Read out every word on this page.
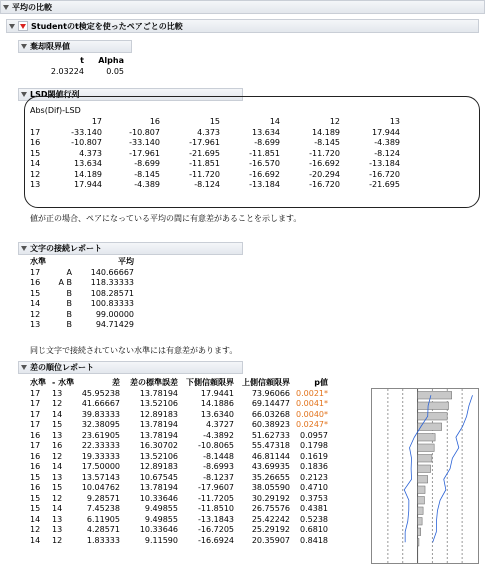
平均の比較
Studentのt検定を使ったペアごとの比較
棄却限界値
t	Alpha
2.03224	0.05
LSD閾値行列
Abs(Dif)-LSD
	17	16	15	14	12	13
17	-33.140	-10.807	4.373	13.634	14.189	17.944
16	-10.807	-33.140	-17.961	-8.699	-8.145	-4.389
15	4.373	-17.961	-21.695	-11.851	-11.720	-8.124
14	13.634	-8.699	-11.851	-16.570	-16.692	-13.184
12	14.189	-8.145	-11.720	-16.692	-20.294	-16.720
13	17.944	-4.389	-8.124	-13.184	-16.720	-21.695
値が正の場合、ペアになっている平均の間に有意差があることを示します。
文字の接続レポート
水準		平均
17	A	140.66667
16	A B	118.33333
15	B	108.28571
14	B	100.83333
12	B	99.00000
13	B	94.71429
同じ文字で接続されていない水準には有意差があります。
差の順位レポート
水準	- 水準	差	差の標準誤差	下側信頼限界	上側信頼限界	p値
17	13	45.95238	13.78194	17.9441	73.96066	0.0021*
17	12	41.66667	13.52106	14.1886	69.14477	0.0041*
17	14	39.83333	12.89183	13.6340	66.03268	0.0040*
17	15	32.38095	13.78194	4.3727	60.38923	0.0247*
16	13	23.61905	13.78194	-4.3892	51.62733	0.0957
17	16	22.33333	16.30702	-10.8065	55.47318	0.1798
16	12	19.33333	13.52106	-8.1448	46.81144	0.1619
16	14	17.50000	12.89183	-8.6993	43.69935	0.1836
15	13	13.57143	10.67545	-8.1237	35.26655	0.2123
16	15	10.04762	13.78194	-17.9607	38.05590	0.4710
15	12	9.28571	10.33646	-11.7205	30.29192	0.3753
15	14	7.45238	9.49855	-11.8510	26.75576	0.4381
14	13	6.11905	9.49855	-13.1843	25.42242	0.5238
12	13	4.28571	10.33646	-16.7205	25.29192	0.6810
14	12	1.83333	9.11590	-16.6924	20.35907	0.8418
